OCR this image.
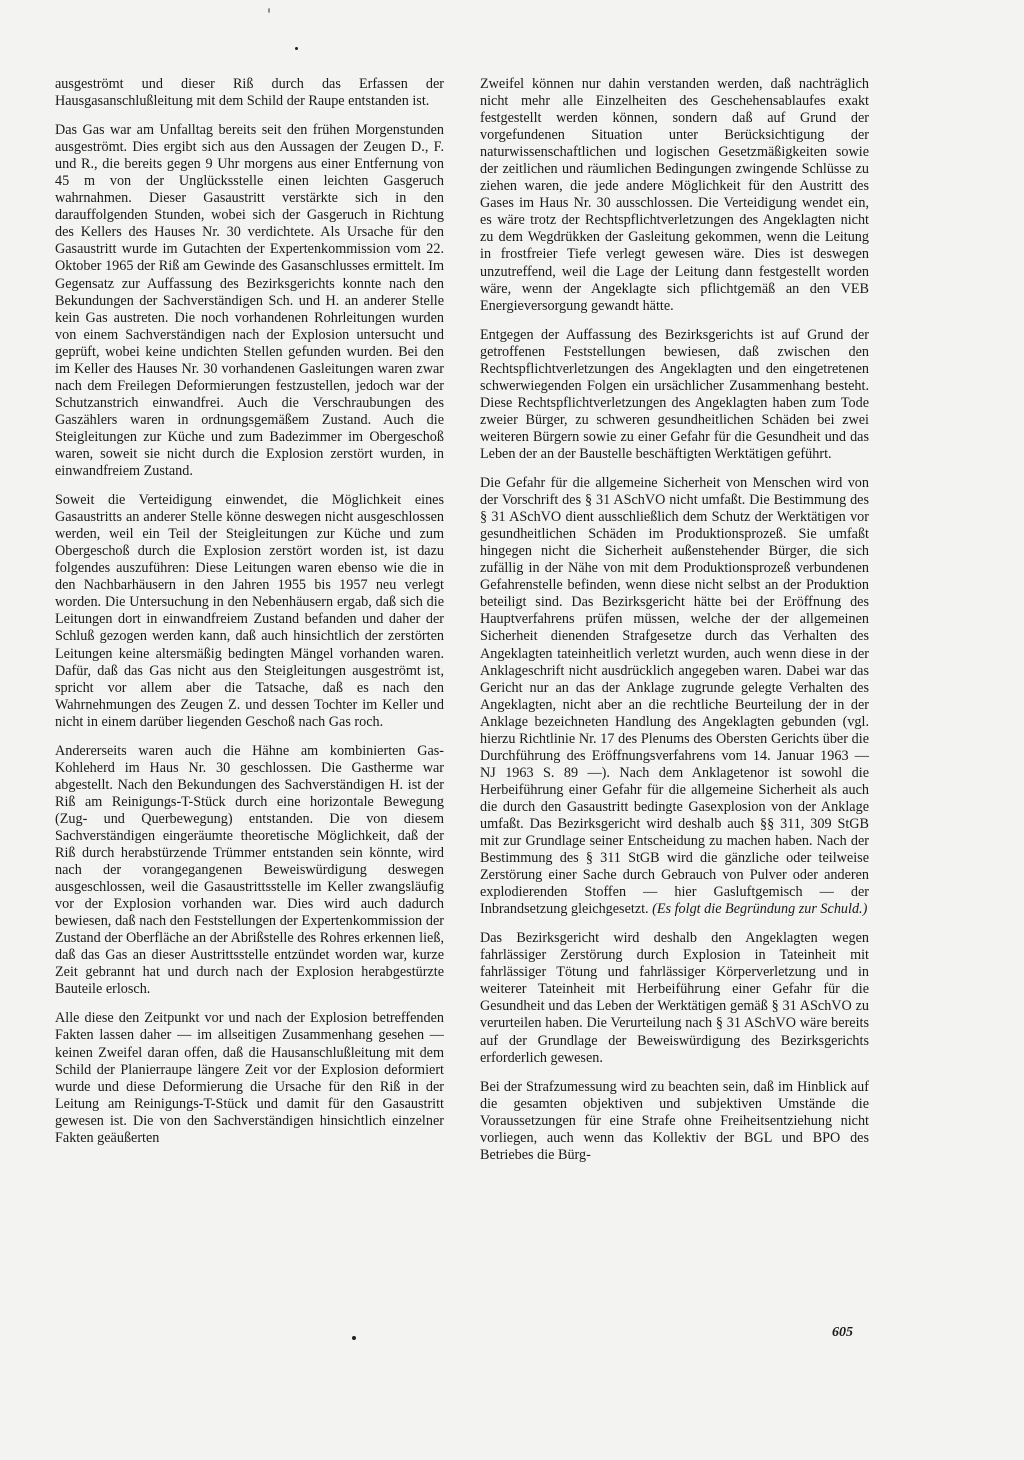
ausgeströmt und dieser Riß durch das Erfassen der Hausgasanschlußleitung mit dem Schild der Raupe entstanden ist.

Das Gas war am Unfalltag bereits seit den frühen Morgenstunden ausgeströmt. Dies ergibt sich aus den Aussagen der Zeugen D., F. und R., die bereits gegen 9 Uhr morgens aus einer Entfernung von 45 m von der Unglücksstelle einen leichten Gasgeruch wahrnahmen. Dieser Gasaustritt verstärkte sich in den darauffolgenden Stunden, wobei sich der Gasgeruch in Richtung des Kellers des Hauses Nr. 30 verdichtete. Als Ursache für den Gasaustritt wurde im Gutachten der Expertenkommission vom 22. Oktober 1965 der Riß am Gewinde des Gasanschlusses ermittelt. Im Gegensatz zur Auffassung des Bezirksgerichts konnte nach den Bekundungen der Sachverständigen Sch. und H. an anderer Stelle kein Gas austreten. Die noch vorhandenen Rohrleitungen wurden von einem Sachverständigen nach der Explosion untersucht und geprüft, wobei keine undichten Stellen gefunden wurden. Bei den im Keller des Hauses Nr. 30 vorhandenen Gasleitungen waren zwar nach dem Freilegen Deformierungen festzustellen, jedoch war der Schutzanstrich einwandfrei. Auch die Verschraubungen des Gaszählers waren in ordnungsgemäßem Zustand. Auch die Steigleitungen zur Küche und zum Badezimmer im Obergeschoß waren, soweit sie nicht durch die Explosion zerstört wurden, in einwandfreiem Zustand.

Soweit die Verteidigung einwendet, die Möglichkeit eines Gasaustritts an anderer Stelle könne deswegen nicht ausgeschlossen werden, weil ein Teil der Steigleitungen zur Küche und zum Obergeschoß durch die Explosion zerstört worden ist, ist dazu folgendes auszuführen: Diese Leitungen waren ebenso wie die in den Nachbarhäusern in den Jahren 1955 bis 1957 neu verlegt worden. Die Untersuchung in den Nebenhäusern ergab, daß sich die Leitungen dort in einwandfreiem Zustand befanden und daher der Schluß gezogen werden kann, daß auch hinsichtlich der zerstörten Leitungen keine altersmäßig bedingten Mängel vorhanden waren. Dafür, daß das Gas nicht aus den Steigleitungen ausgeströmt ist, spricht vor allem aber die Tatsache, daß es nach den Wahrnehmungen des Zeugen Z. und dessen Tochter im Keller und nicht in einem darüber liegenden Geschoß nach Gas roch.

Andererseits waren auch die Hähne am kombinierten Gas-Kohleherd im Haus Nr. 30 geschlossen. Die Gastherme war abgestellt. Nach den Bekundungen des Sachverständigen H. ist der Riß am Reinigungs-T-Stück durch eine horizontale Bewegung (Zug- und Querbewegung) entstanden. Die von diesem Sachverständigen eingeräumte theoretische Möglichkeit, daß der Riß durch herabstürzende Trümmer entstanden sein könnte, wird nach der vorangegangenen Beweiswürdigung deswegen ausgeschlossen, weil die Gasaustrittsstelle im Keller zwangsläufig vor der Explosion vorhanden war. Dies wird auch dadurch bewiesen, daß nach den Feststellungen der Expertenkommission der Zustand der Oberfläche an der Abrißstelle des Rohres erkennen ließ, daß das Gas an dieser Austrittsstelle entzündet worden war, kurze Zeit gebrannt hat und durch nach der Explosion herabgestürzte Bauteile erlosch.

Alle diese den Zeitpunkt vor und nach der Explosion betreffenden Fakten lassen daher — im allseitigen Zusammenhang gesehen — keinen Zweifel daran offen, daß die Hausanschlußleitung mit dem Schild der Planierraupe längere Zeit vor der Explosion deformiert wurde und diese Deformierung die Ursache für den Riß in der Leitung am Reinigungs-T-Stück und damit für den Gasaustritt gewesen ist. Die von den Sachverständigen hinsichtlich einzelner Fakten geäußerten

Zweifel können nur dahin verstanden werden, daß nachträglich nicht mehr alle Einzelheiten des Geschehensablaufes exakt festgestellt werden können, sondern daß auf Grund der vorgefundenen Situation unter Berücksichtigung der naturwissenschaftlichen und logischen Gesetzmäßigkeiten sowie der zeitlichen und räumlichen Bedingungen zwingende Schlüsse zu ziehen waren, die jede andere Möglichkeit für den Austritt des Gases im Haus Nr. 30 ausschlossen. Die Verteidigung wendet ein, es wäre trotz der Rechtspflichtverletzungen des Angeklagten nicht zu dem Wegdrükken der Gasleitung gekommen, wenn die Leitung in frostfreier Tiefe verlegt gewesen wäre. Dies ist deswegen unzutreffend, weil die Lage der Leitung dann festgestellt worden wäre, wenn der Angeklagte sich pflichtgemäß an den VEB Energieversorgung gewandt hätte.

Entgegen der Auffassung des Bezirksgerichts ist auf Grund der getroffenen Feststellungen bewiesen, daß zwischen den Rechtspflichtverletzungen des Angeklagten und den eingetretenen schwerwiegenden Folgen ein ursächlicher Zusammenhang besteht. Diese Rechtspflichtverletzungen des Angeklagten haben zum Tode zweier Bürger, zu schweren gesundheitlichen Schäden bei zwei weiteren Bürgern sowie zu einer Gefahr für die Gesundheit und das Leben der an der Baustelle beschäftigten Werktätigen geführt.

Die Gefahr für die allgemeine Sicherheit von Menschen wird von der Vorschrift des § 31 ASchVO nicht umfaßt. Die Bestimmung des § 31 ASchVO dient ausschließlich dem Schutz der Werktätigen vor gesundheitlichen Schäden im Produktionsprozeß. Sie umfaßt hingegen nicht die Sicherheit außenstehender Bürger, die sich zufällig in der Nähe von mit dem Produktionsprozeß verbundenen Gefahrenstelle befinden, wenn diese nicht selbst an der Produktion beteiligt sind. Das Bezirksgericht hätte bei der Eröffnung des Hauptverfahrens prüfen müssen, welche der der allgemeinen Sicherheit dienenden Strafgesetze durch das Verhalten des Angeklagten tateinheitlich verletzt wurden, auch wenn diese in der Anklageschrift nicht ausdrücklich angegeben waren. Dabei war das Gericht nur an das der Anklage zugrunde gelegte Verhalten des Angeklagten, nicht aber an die rechtliche Beurteilung der in der Anklage bezeichneten Handlung des Angeklagten gebunden (vgl. hierzu Richtlinie Nr. 17 des Plenums des Obersten Gerichts über die Durchführung des Eröffnungsverfahrens vom 14. Januar 1963 — NJ 1963 S. 89 —). Nach dem Anklagetenor ist sowohl die Herbeiführung einer Gefahr für die allgemeine Sicherheit als auch die durch den Gasaustritt bedingte Gasexplosion von der Anklage umfaßt. Das Bezirksgericht wird deshalb auch §§ 311, 309 StGB mit zur Grundlage seiner Entscheidung zu machen haben. Nach der Bestimmung des § 311 StGB wird die gänzliche oder teilweise Zerstörung einer Sache durch Gebrauch von Pulver oder anderen explodierenden Stoffen — hier Gasluftgemisch — der Inbrandsetzung gleichgesetzt. (Es folgt die Begründung zur Schuld.)

Das Bezirksgericht wird deshalb den Angeklagten wegen fahrlässiger Zerstörung durch Explosion in Tateinheit mit fahrlässiger Tötung und fahrlässiger Körperverletzung und in weiterer Tateinheit mit Herbeiführung einer Gefahr für die Gesundheit und das Leben der Werktätigen gemäß § 31 ASchVO zu verurteilen haben. Die Verurteilung nach § 31 ASchVO wäre bereits auf der Grundlage der Beweiswürdigung des Bezirksgerichts erforderlich gewesen.

Bei der Strafzumessung wird zu beachten sein, daß im Hinblick auf die gesamten objektiven und subjektiven Umstände die Voraussetzungen für eine Strafe ohne Freiheitsentziehung nicht vorliegen, auch wenn das Kollektiv der BGL und BPO des Betriebes die Bürg-

605
